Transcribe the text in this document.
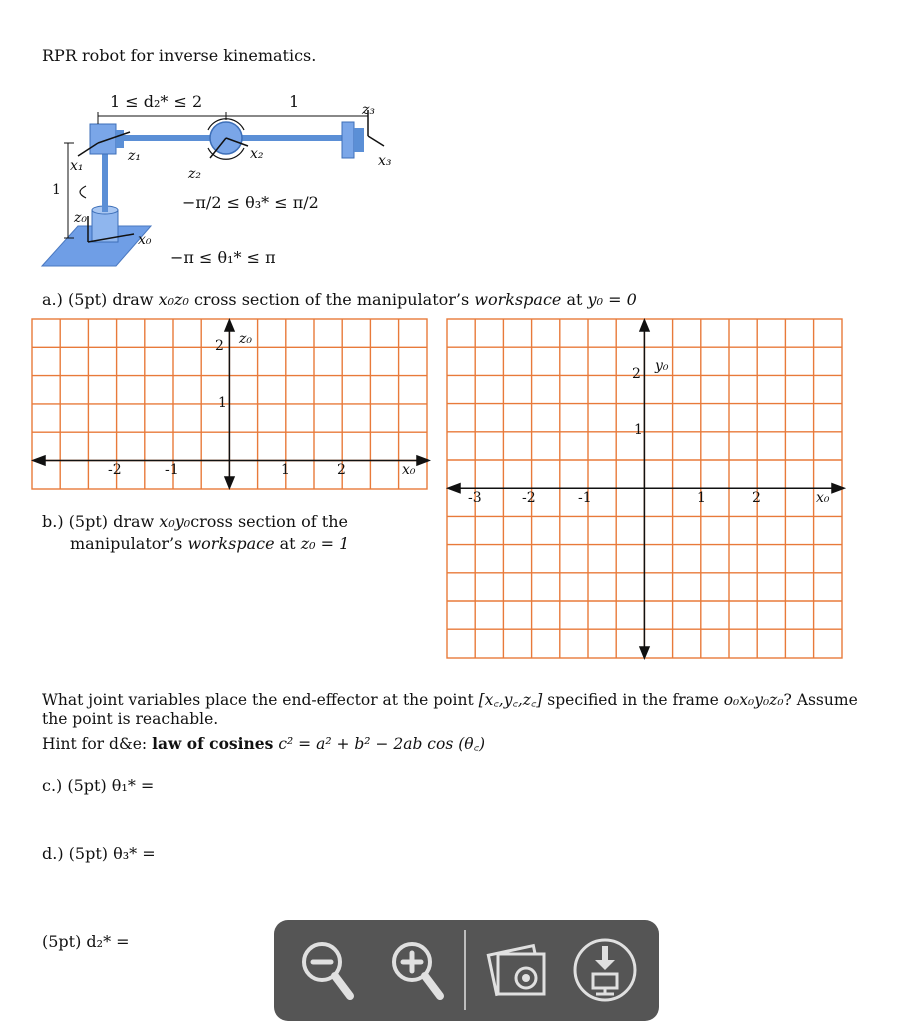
RPR robot for inverse kinematics.
1 ≤ d₂* ≤ 2	1
1
z₃
x₃
z₁
x₁
x₂
z₂
z₀
x₀
−π/2 ≤ θ₃* ≤ π/2
−π ≤ θ₁* ≤ π
a.) (5pt) draw x₀z₀ cross section of the manipulator’s workspace at y₀ = 0
-2	-1	1	2	x₀
2
1
z₀
-3	-2	-1	1	2	x₀
2
1
y₀
b.) (5pt) draw x₀y₀cross section of the
manipulator’s workspace at z₀ = 1
What joint variables place the end-effector at the point [x꜀,y꜀,z꜀] specified in the frame o₀x₀y₀z₀? Assume
the point is reachable.
Hint for d&e: law of cosines c² = a² + b² − 2ab cos (θ꜀)
c.) (5pt) θ₁* =
d.) (5pt) θ₃* =
(5pt) d₂* =
